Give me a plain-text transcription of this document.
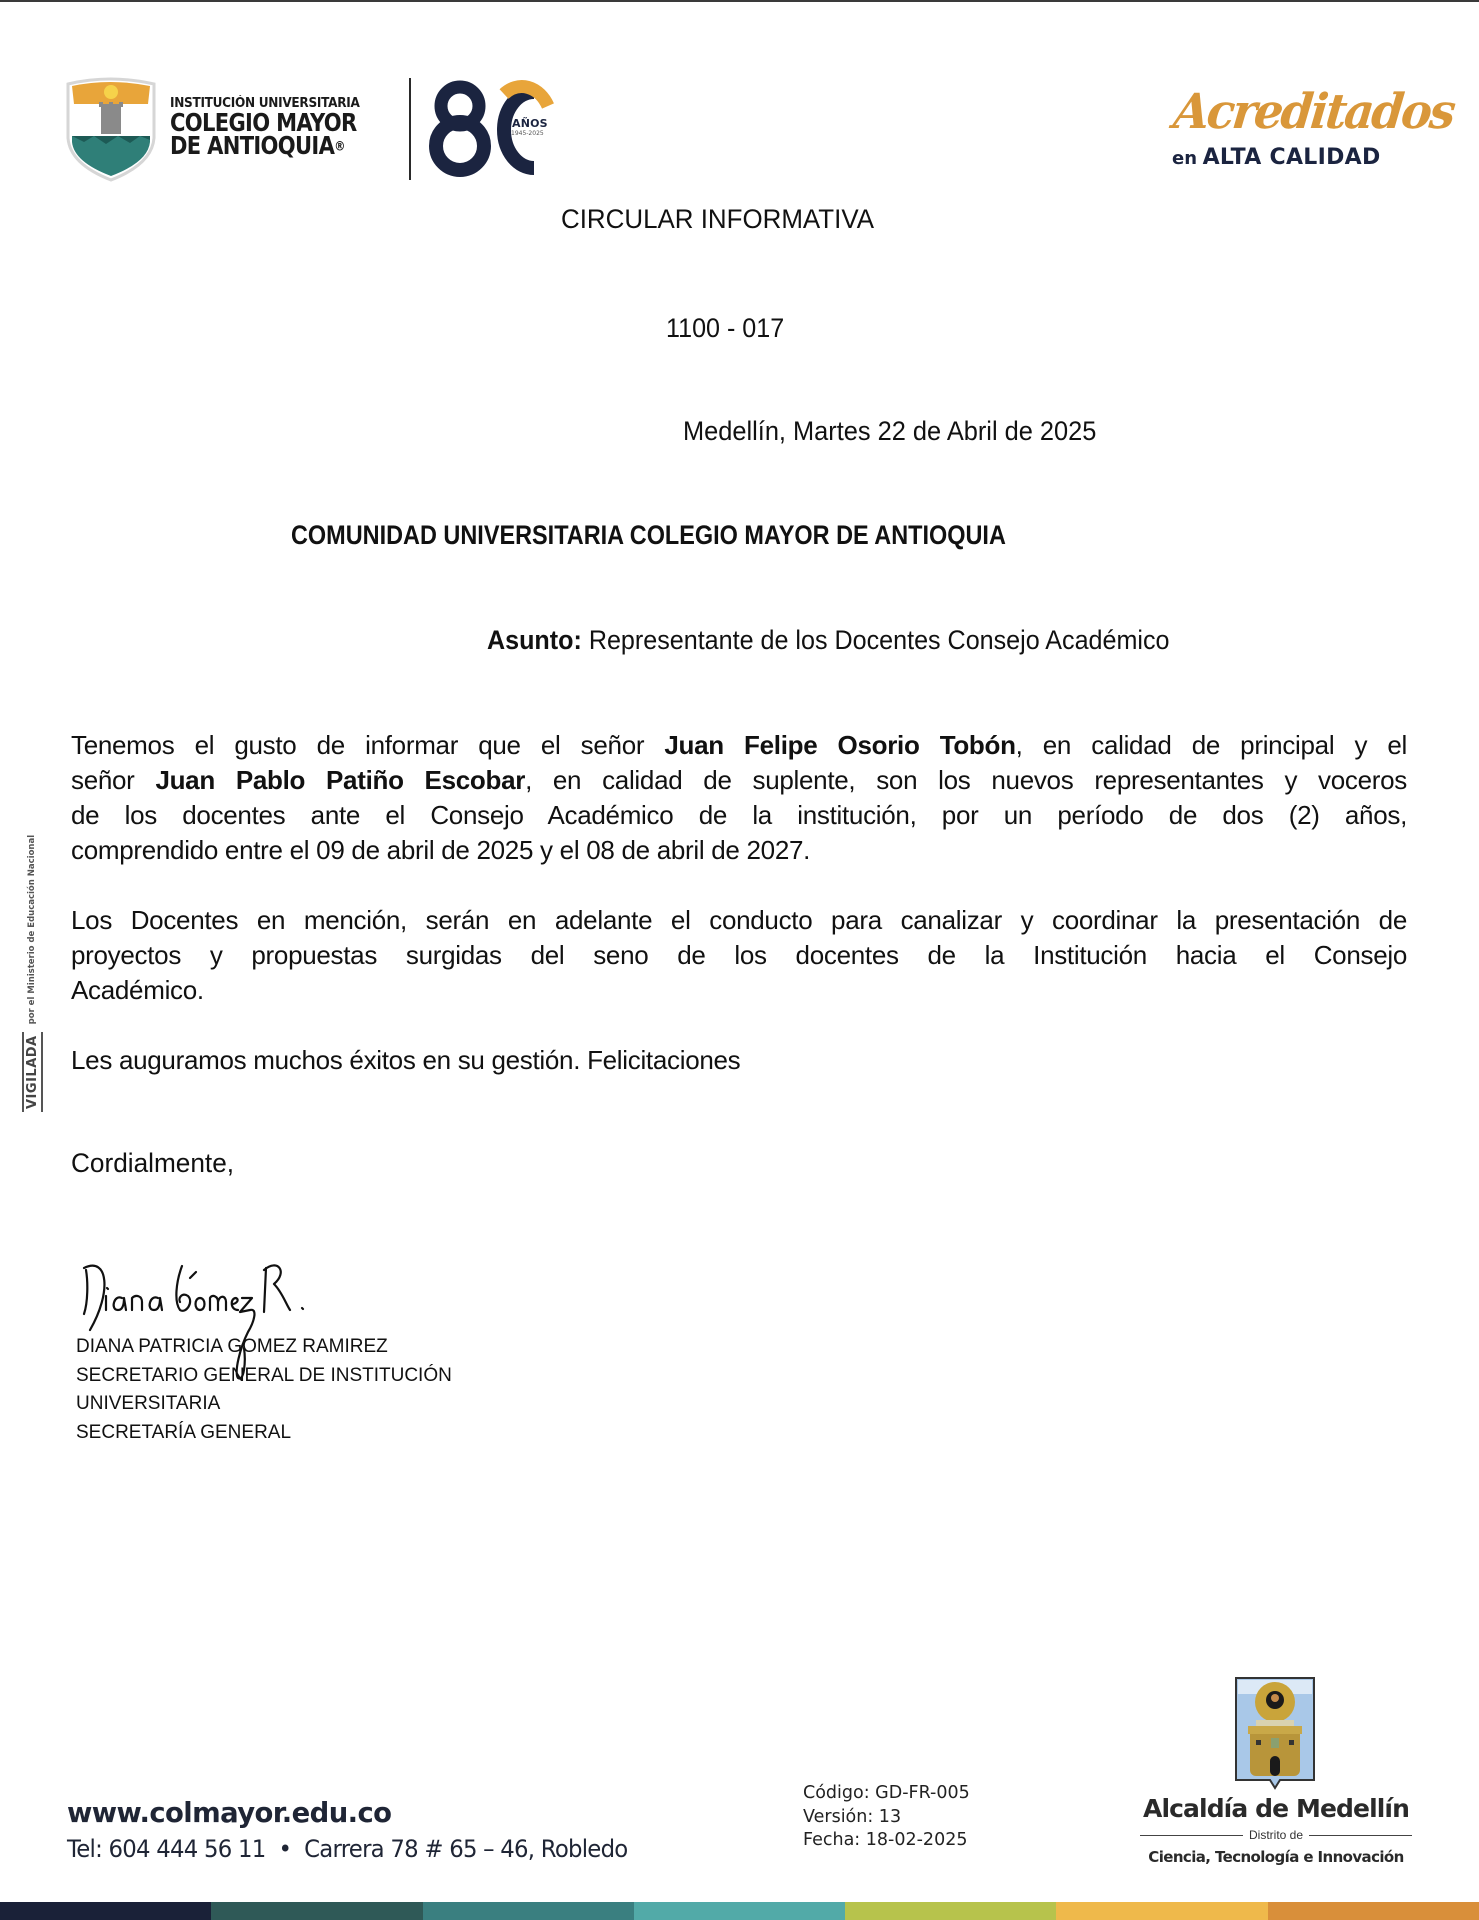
INSTITUCIÓN UNIVERSITARIA
COLEGIO MAYOR
DE ANTIOQUIA®
AÑOS
1945-2025	Acreditados
en ALTA CALIDAD
CIRCULAR INFORMATIVA
1100 - 017
Medellín, Martes 22 de Abril de 2025
COMUNIDAD UNIVERSITARIA COLEGIO MAYOR DE ANTIOQUIA
Asunto: Representante de los Docentes Consejo Académico
Tenemos el gusto de informar que el señor Juan Felipe Osorio Tobón, en calidad de principal y el
señor Juan Pablo Patiño Escobar, en calidad de suplente, son los nuevos representantes y voceros
de los docentes ante el Consejo Académico de la institución, por un período de dos (2) años,
comprendido entre el 09 de abril de 2025 y el 08 de abril de 2027.
Los Docentes en mención, serán en adelante el conducto para canalizar y coordinar la presentación de
proyectos y propuestas surgidas del seno de los docentes de la Institución hacia el Consejo
Académico.
Les auguramos muchos éxitos en su gestión. Felicitaciones
Cordialmente,
DIANA PATRICIA GOMEZ RAMIREZ
SECRETARIO GENERAL DE INSTITUCIÓN
UNIVERSITARIA
SECRETARÍA GENERAL
VIGILADA
por el Ministerio de Educación Nacional
www.colmayor.edu.co
Tel: 604 444 56 11  •  Carrera 78 # 65 – 46, Robledo
Código: GD-FR-005
Versión: 13
Fecha: 18-02-2025
Alcaldía de Medellín
Distrito de
Ciencia, Tecnología e Innovación
